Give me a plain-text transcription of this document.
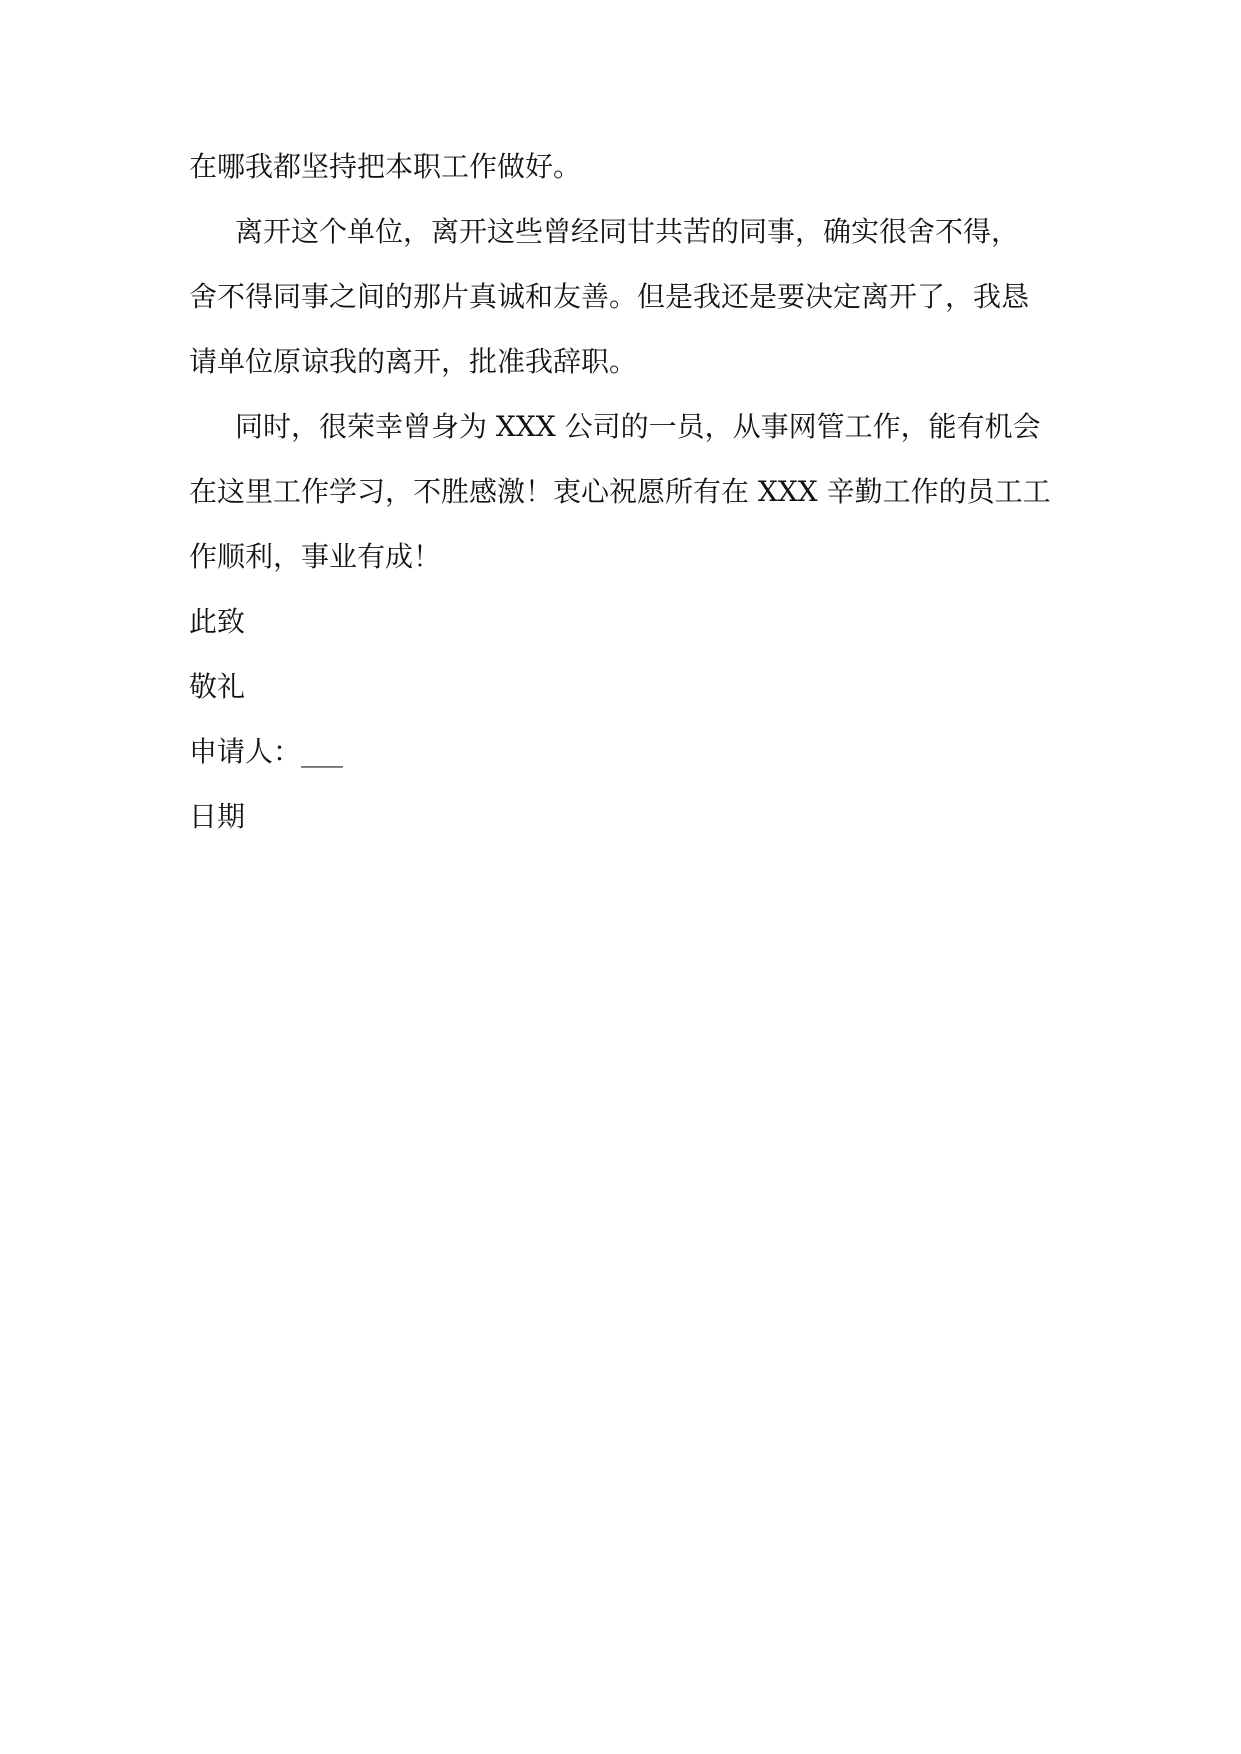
在哪我都坚持把本职工作做好。
离开这个单位，离开这些曾经同甘共苦的同事，确实很舍不得，
舍不得同事之间的那片真诚和友善。但是我还是要决定离开了，我恳
请单位原谅我的离开，批准我辞职。
同时，很荣幸曾身为 XXX 公司的一员，从事网管工作，能有机会
在这里工作学习，不胜感激！衷心祝愿所有在 XXX 辛勤工作的员工工
作顺利，事业有成！
此致
敬礼
申请人：___
日期
